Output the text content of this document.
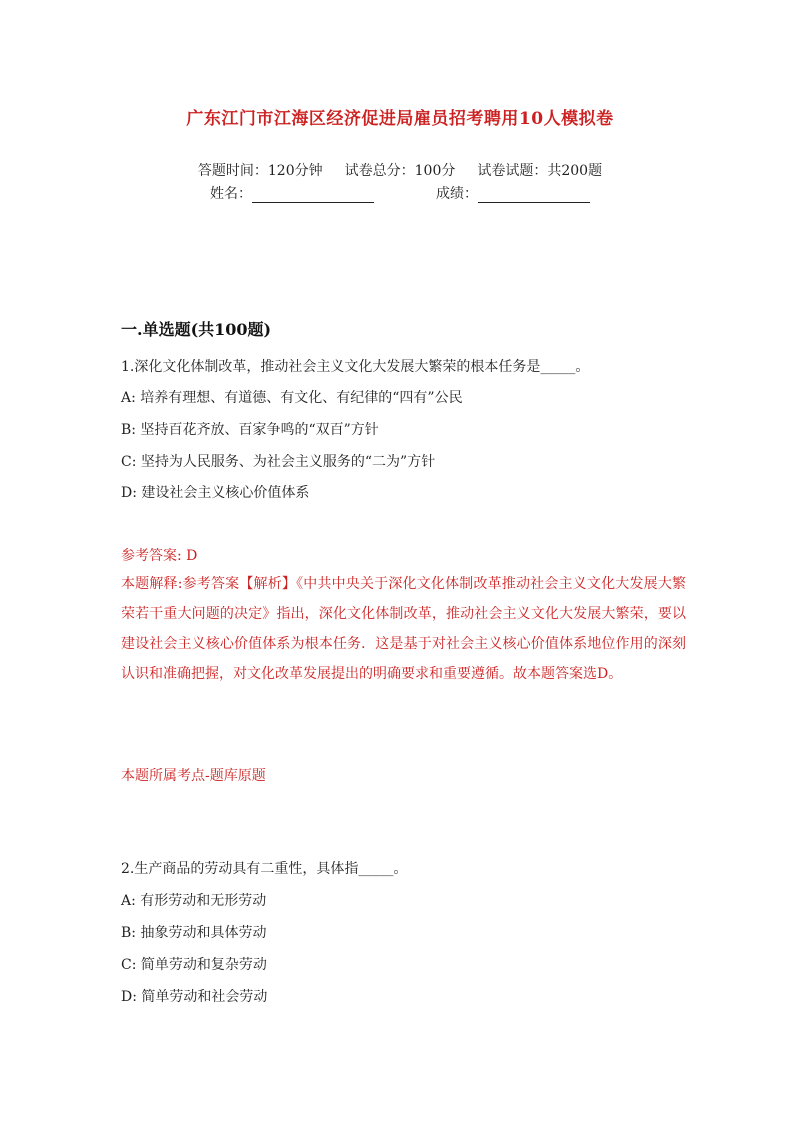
广东江门市江海区经济促进局雇员招考聘用10人模拟卷
答题时间：120分钟 试卷总分：100分 试卷试题：共200题
姓名：	成绩：
一.单选题(共100题)
1.深化文化体制改革，推动社会主义文化大发展大繁荣的根本任务是_____。
A: 培养有理想、有道德、有文化、有纪律的“四有”公民
B: 坚持百花齐放、百家争鸣的“双百”方针
C: 坚持为人民服务、为社会主义服务的“二为”方针
D: 建设社会主义核心价值体系
参考答案: D
本题解释:参考答案【解析】《中共中央关于深化文化体制改革推动社会主义文化大发展大繁荣若干重大问题的决定》指出，深化文化体制改革，推动社会主义文化大发展大繁荣，要以建设社会主义核心价值体系为根本任务．这是基于对社会主义核心价值体系地位作用的深刻认识和准确把握，对文化改革发展提出的明确要求和重要遵循。故本题答案选D。
本题所属考点-题库原题
2.生产商品的劳动具有二重性，具体指_____。
A: 有形劳动和无形劳动
B: 抽象劳动和具体劳动
C: 简单劳动和复杂劳动
D: 简单劳动和社会劳动
